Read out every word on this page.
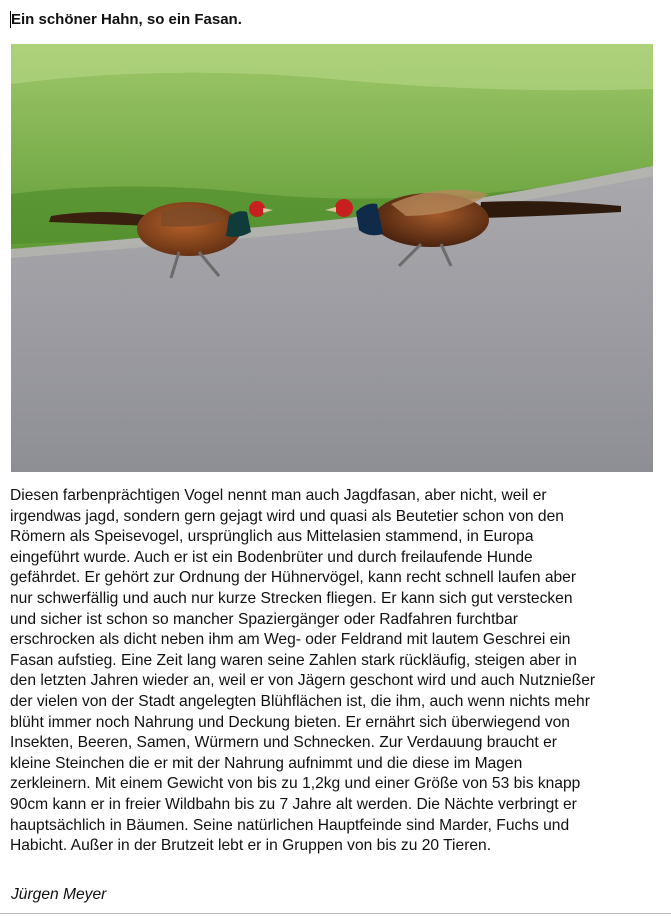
Ein schöner Hahn, so ein Fasan.
Diesen farbenprächtigen Vogel nennt man auch Jagdfasan, aber nicht, weil er
irgendwas jagd, sondern gern gejagt wird und quasi als Beutetier schon von den
Römern als Speisevogel, ursprünglich aus Mittelasien stammend, in Europa
eingeführt wurde. Auch er ist ein Bodenbrüter und durch freilaufende Hunde
gefährdet. Er gehört zur Ordnung der Hühnervögel, kann recht schnell laufen aber
nur schwerfällig und auch nur kurze Strecken fliegen. Er kann sich gut verstecken
und sicher ist schon so mancher Spaziergänger oder Radfahren furchtbar
erschrocken als dicht neben ihm am Weg- oder Feldrand mit lautem Geschrei ein
Fasan aufstieg. Eine Zeit lang waren seine Zahlen stark rückläufig, steigen aber in
den letzten Jahren wieder an, weil er von Jägern geschont wird und auch Nutznießer
der vielen von der Stadt angelegten Blühflächen ist, die ihm, auch wenn nichts mehr
blüht immer noch Nahrung und Deckung bieten. Er ernährt sich überwiegend von
Insekten, Beeren, Samen, Würmern und Schnecken. Zur Verdauung braucht er
kleine Steinchen die er mit der Nahrung aufnimmt und die diese im Magen
zerkleinern. Mit einem Gewicht von bis zu 1,2kg und einer Größe von 53 bis knapp
90cm kann er in freier Wildbahn bis zu 7 Jahre alt werden. Die Nächte verbringt er
hauptsächlich in Bäumen. Seine natürlichen Hauptfeinde sind Marder, Fuchs und
Habicht. Außer in der Brutzeit lebt er in Gruppen von bis zu 20 Tieren.
Jürgen Meyer
